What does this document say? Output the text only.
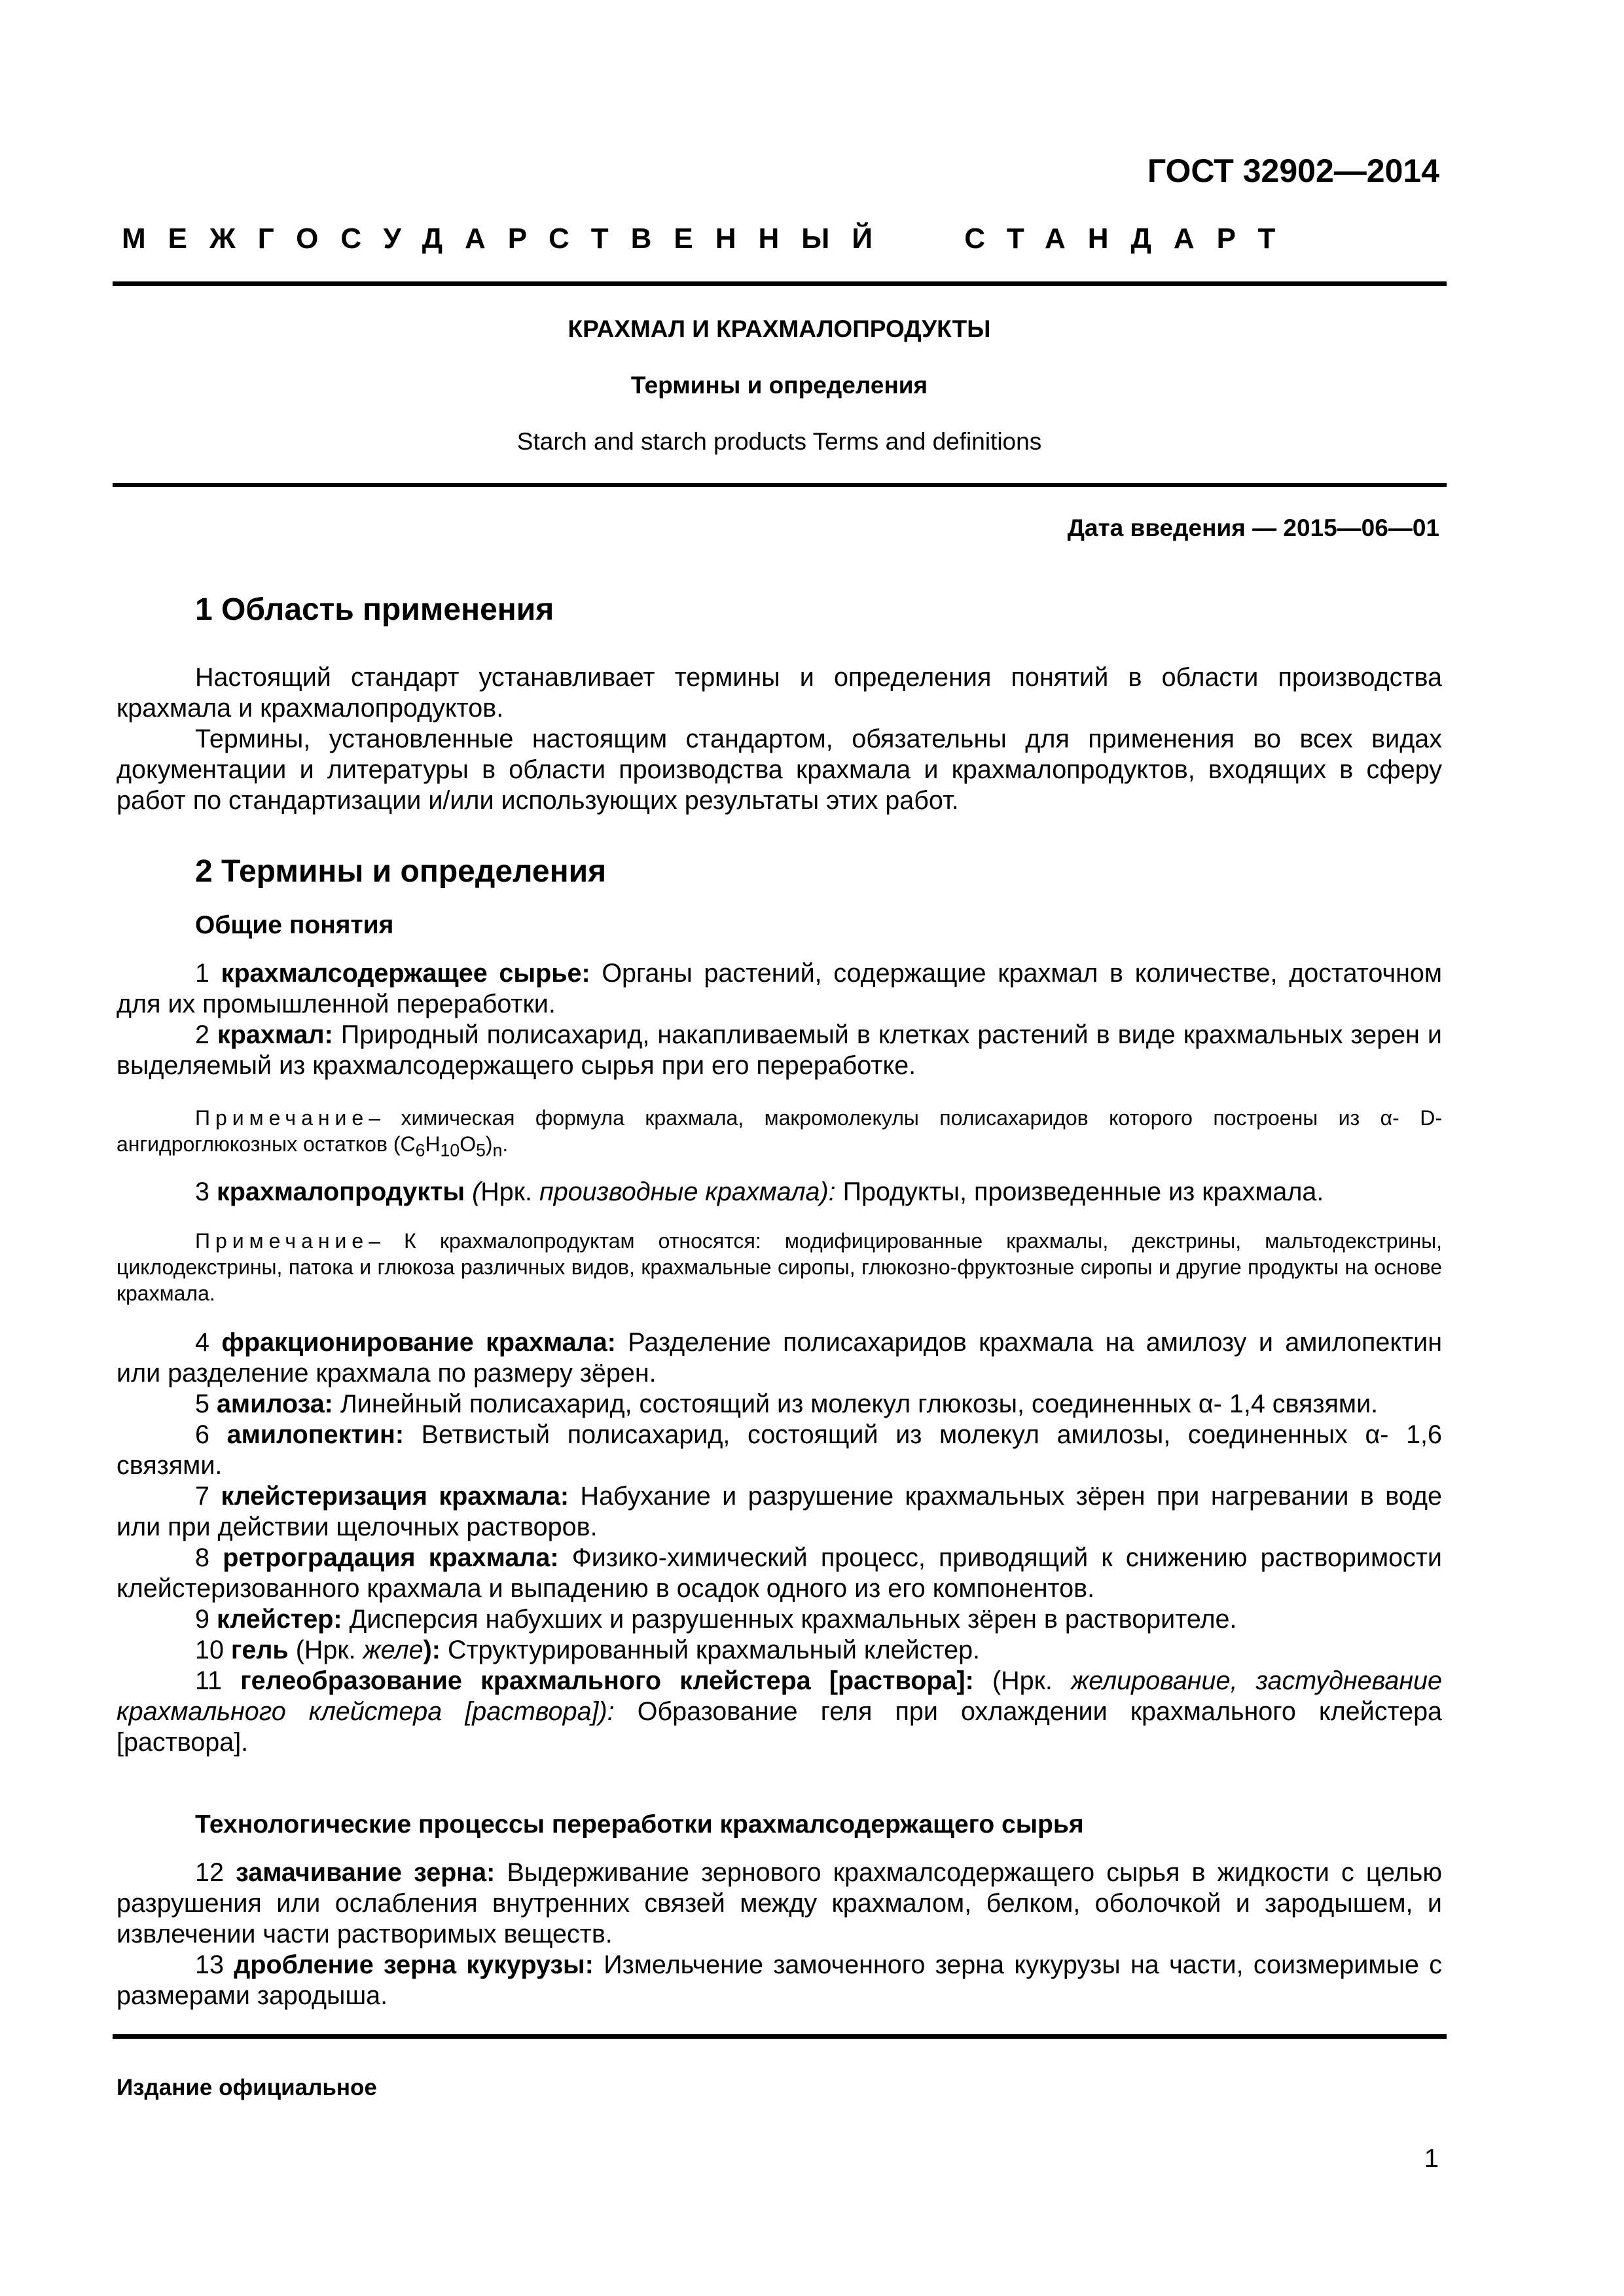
ГОСТ 32902—2014
МЕЖГОСУДАРСТВЕННЫЙ СТАНДАРТ
КРАХМАЛ И КРАХМАЛОПРОДУКТЫ
Термины и определения
Starch and starch products Terms and definitions
Дата введения — 2015—06—01
1 Область применения

Настоящий стандарт устанавливает термины и определения понятий в области производства крахмала и крахмалопродуктов.

Термины, установленные настоящим стандартом, обязательны для применения во всех видах документации и литературы в области производства крахмала и крахмалопродуктов, входящих в сферу работ по стандартизации и/или использующих результаты этих работ.

2 Термины и определения
Общие понятия

1 крахмалсодержащее сырье: Органы растений, содержащие крахмал в количестве, достаточном для их промышленной переработки.

2 крахмал: Природный полисахарид, накапливаемый в клетках растений в виде крахмальных зерен и выделяемый из крахмалсодержащего сырья при его переработке.

Примечание– химическая формула крахмала, макромолекулы полисахаридов которого построены из α- D- ангидроглюкозных остатков $(C_6H_{10}O_5)_n$.

3 крахмалопродукты (Нрк. производные крахмала): Продукты, произведенные из крахмала.

Примечание– К крахмалопродуктам относятся: модифицированные крахмалы, декстрины, мальтодекстрины, циклодекстрины, патока и глюкоза различных видов, крахмальные сиропы, глюкозно-фруктозные сиропы и другие продукты на основе крахмала.

4 фракционирование крахмала: Разделение полисахаридов крахмала на амилозу и амилопектин или разделение крахмала по размеру зёрен.

5 амилоза: Линейный полисахарид, состоящий из молекул глюкозы, соединенных α- 1,4 связями.

6 амилопектин: Ветвистый полисахарид, состоящий из молекул амилозы, соединенных α- 1,6 связями.

7 клейстеризация крахмала: Набухание и разрушение крахмальных зёрен при нагревании в воде или при действии щелочных растворов.

8 ретроградация крахмала: Физико-химический процесс, приводящий к снижению растворимости клейстеризованного крахмала и выпадению в осадок одного из его компонентов.

9 клейстер: Дисперсия набухших и разрушенных крахмальных зёрен в растворителе.

10 гель (Нрк. желе): Структурированный крахмальный клейстер.

11 гелеобразование крахмального клейстера [раствора]: (Нрк. желирование, застудневание крахмального клейстера [раствора]): Образование геля при охлаждении крахмального клейстера [раствора].

Технологические процессы переработки крахмалсодержащего сырья

12 замачивание зерна: Выдерживание зернового крахмалсодержащего сырья в жидкости с целью разрушения или ослабления внутренних связей между крахмалом, белком, оболочкой и зародышем, и извлечении части растворимых веществ.

13 дробление зерна кукурузы: Измельчение замоченного зерна кукурузы на части, соизмеримые с размерами зародыша.

Издание официальное
1
